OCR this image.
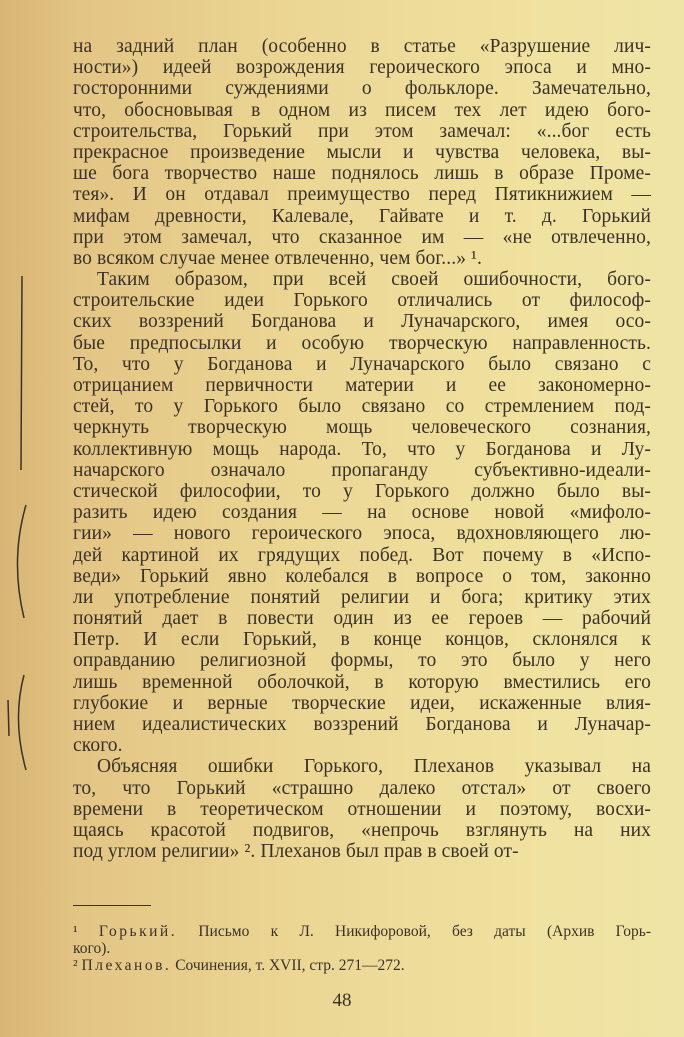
на задний план (особенно в статье «Разрушение лич-
ности») идеей возрождения героического эпоса и мно-
госторонними суждениями о фольклоре. Замечательно,
что, обосновывая в одном из писем тех лет идею бого-
строительства, Горький при этом замечал: «...бог есть
прекрасное произведение мысли и чувства человека, вы-
ше бога творчество наше поднялось лишь в образе Проме-
тея». И он отдавал преимущество перед Пятикнижием —
мифам древности, Калевале, Гайвате и т. д. Горький
при этом замечал, что сказанное им — «не отвлеченно,
во всяком случае менее отвлеченно, чем бог...» ¹.
Таким образом, при всей своей ошибочности, бого-
строительские идеи Горького отличались от философ-
ских воззрений Богданова и Луначарского, имея осо-
бые предпосылки и особую творческую направленность.
То, что у Богданова и Луначарского было связано с
отрицанием первичности материи и ее закономерно-
стей, то у Горького было связано со стремлением под-
черкнуть творческую мощь человеческого сознания,
коллективную мощь народа. То, что у Богданова и Лу-
начарского означало пропаганду субъективно-идеали-
стической философии, то у Горького должно было вы-
разить идею создания — на основе новой «мифоло-
гии» — нового героического эпоса, вдохновляющего лю-
дей картиной их грядущих побед. Вот почему в «Испо-
веди» Горький явно колебался в вопросе о том, законно
ли употребление понятий религии и бога; критику этих
понятий дает в повести один из ее героев — рабочий
Петр. И если Горький, в конце концов, склонялся к
оправданию религиозной формы, то это было у него
лишь временной оболочкой, в которую вместились его
глубокие и верные творческие идеи, искаженные влия-
нием идеалистических воззрений Богданова и Луначар-
ского.
Объясняя ошибки Горького, Плеханов указывал на
то, что Горький «страшно далеко отстал» от своего
времени в теоретическом отношении и поэтому, восхи-
щаясь красотой подвигов, «непрочь взглянуть на них
под углом религии» ². Плеханов был прав в своей от-
¹ Горький. Письмо к Л. Никифоровой, без даты (Архив Горь-
кого).
² Плеханов. Сочинения, т. XVII, стр. 271—272.
48
